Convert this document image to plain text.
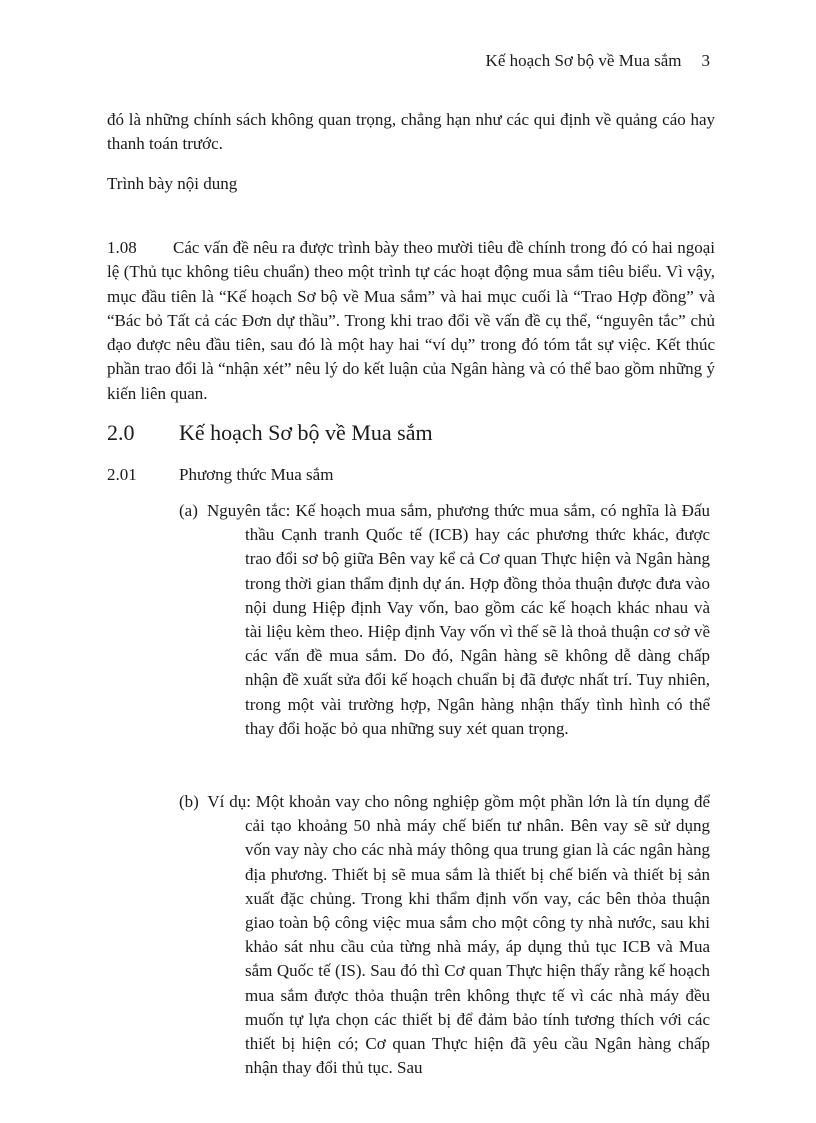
Kế hoạch Sơ bộ về Mua sắm 3

đó là những chính sách không quan trọng, chẳng hạn như các qui định về quảng cáo hay thanh toán trước.

Trình bày nội dung

1.08 Các vấn đề nêu ra được trình bày theo mười tiêu đề chính trong đó có hai ngoại lệ (Thủ tục không tiêu chuẩn) theo một trình tự các hoạt động mua sắm tiêu biểu. Vì vậy, mục đầu tiên là “Kế hoạch Sơ bộ về Mua sắm” và hai mục cuối là “Trao Hợp đồng” và “Bác bỏ Tất cả các Đơn dự thầu”. Trong khi trao đổi về vấn đề cụ thể, “nguyên tắc” chủ đạo được nêu đầu tiên, sau đó là một hay hai “ví dụ” trong đó tóm tắt sự việc. Kết thúc phần trao đổi là “nhận xét” nêu lý do kết luận của Ngân hàng và có thể bao gồm những ý kiến liên quan.

2.0 Kế hoạch Sơ bộ về Mua sắm
2.01 Phương thức Mua sắm

(a) Nguyên tắc: Kế hoạch mua sắm, phương thức mua sắm, có nghĩa là Đấu thầu Cạnh tranh Quốc tế (ICB) hay các phương thức khác, được trao đổi sơ bộ giữa Bên vay kể cả Cơ quan Thực hiện và Ngân hàng trong thời gian thẩm định dự án. Hợp đồng thỏa thuận được đưa vào nội dung Hiệp định Vay vốn, bao gồm các kế hoạch khác nhau và tài liệu kèm theo. Hiệp định Vay vốn vì thế sẽ là thoả thuận cơ sở về các vấn đề mua sắm. Do đó, Ngân hàng sẽ không dễ dàng chấp nhận đề xuất sửa đổi kế hoạch chuẩn bị đã được nhất trí. Tuy nhiên, trong một vài trường hợp, Ngân hàng nhận thấy tình hình có thể thay đổi hoặc bỏ qua những suy xét quan trọng.

(b) Ví dụ: Một khoản vay cho nông nghiệp gồm một phần lớn là tín dụng để cải tạo khoảng 50 nhà máy chế biến tư nhân. Bên vay sẽ sử dụng vốn vay này cho các nhà máy thông qua trung gian là các ngân hàng địa phương. Thiết bị sẽ mua sắm là thiết bị chế biến và thiết bị sản xuất đặc chủng. Trong khi thẩm định vốn vay, các bên thỏa thuận giao toàn bộ công việc mua sắm cho một công ty nhà nước, sau khi khảo sát nhu cầu của từng nhà máy, áp dụng thủ tục ICB và Mua sắm Quốc tế (IS). Sau đó thì Cơ quan Thực hiện thấy rằng kế hoạch mua sắm được thỏa thuận trên không thực tế vì các nhà máy đều muốn tự lựa chọn các thiết bị để đảm bảo tính tương thích với các thiết bị hiện có; Cơ quan Thực hiện đã yêu cầu Ngân hàng chấp nhận thay đổi thủ tục. Sau
